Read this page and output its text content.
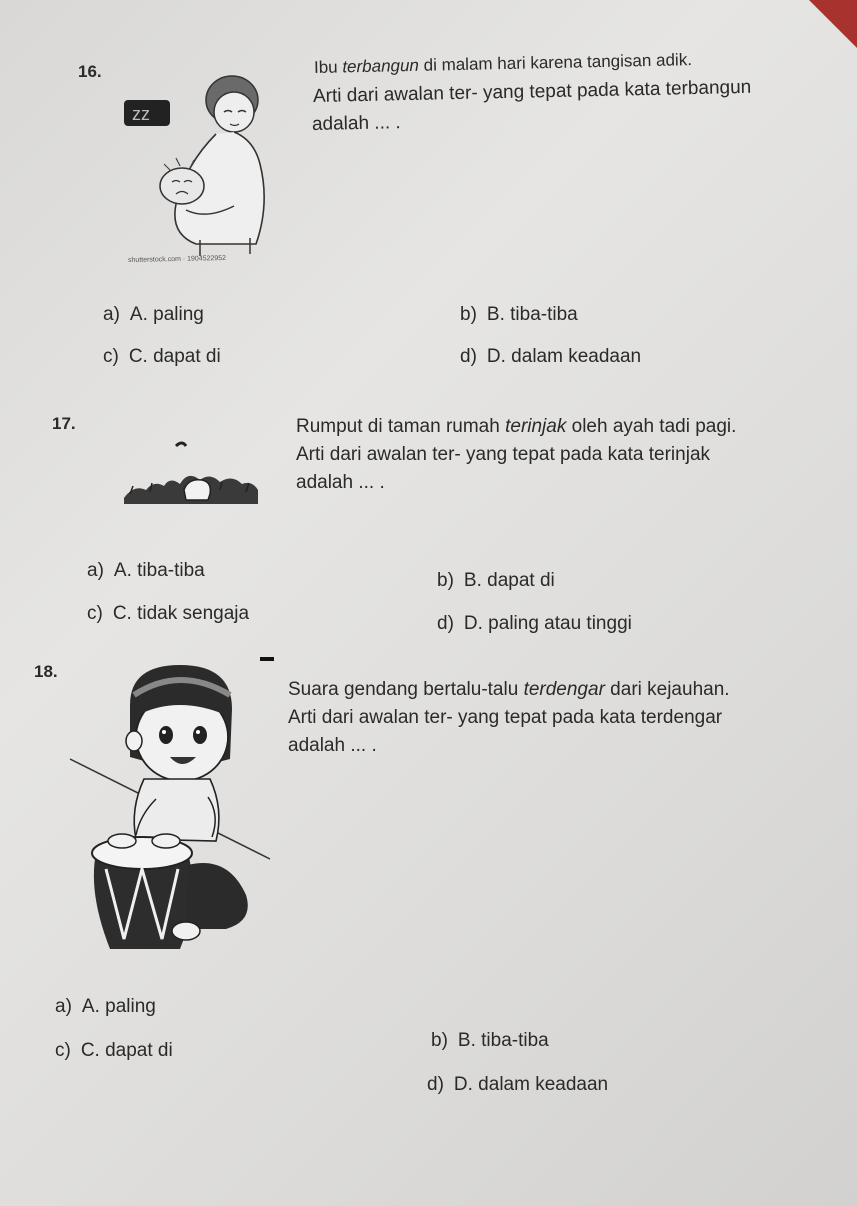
16.	Ibu terbangun di malam hari karena tangisan adik.
Arti dari awalan ter- yang tepat pada kata terbangun
adalah ... .
zz
shutterstock.com · 1904522952
a) A. paling	b) B. tiba-tiba
c) C. dapat di	d) D. dalam keadaan
17.	Rumput di taman rumah terinjak oleh ayah tadi pagi.
Arti dari awalan ter- yang tepat pada kata terinjak
adalah ... .
a) A. tiba-tiba	b) B. dapat di
c) C. tidak sengaja	d) D. paling atau tinggi
18.
Suara gendang bertalu-talu terdengar dari kejauhan.
Arti dari awalan ter- yang tepat pada kata terdengar
adalah ... .
a) A. paling
b) B. tiba-tiba
c) C. dapat di
d) D. dalam keadaan
